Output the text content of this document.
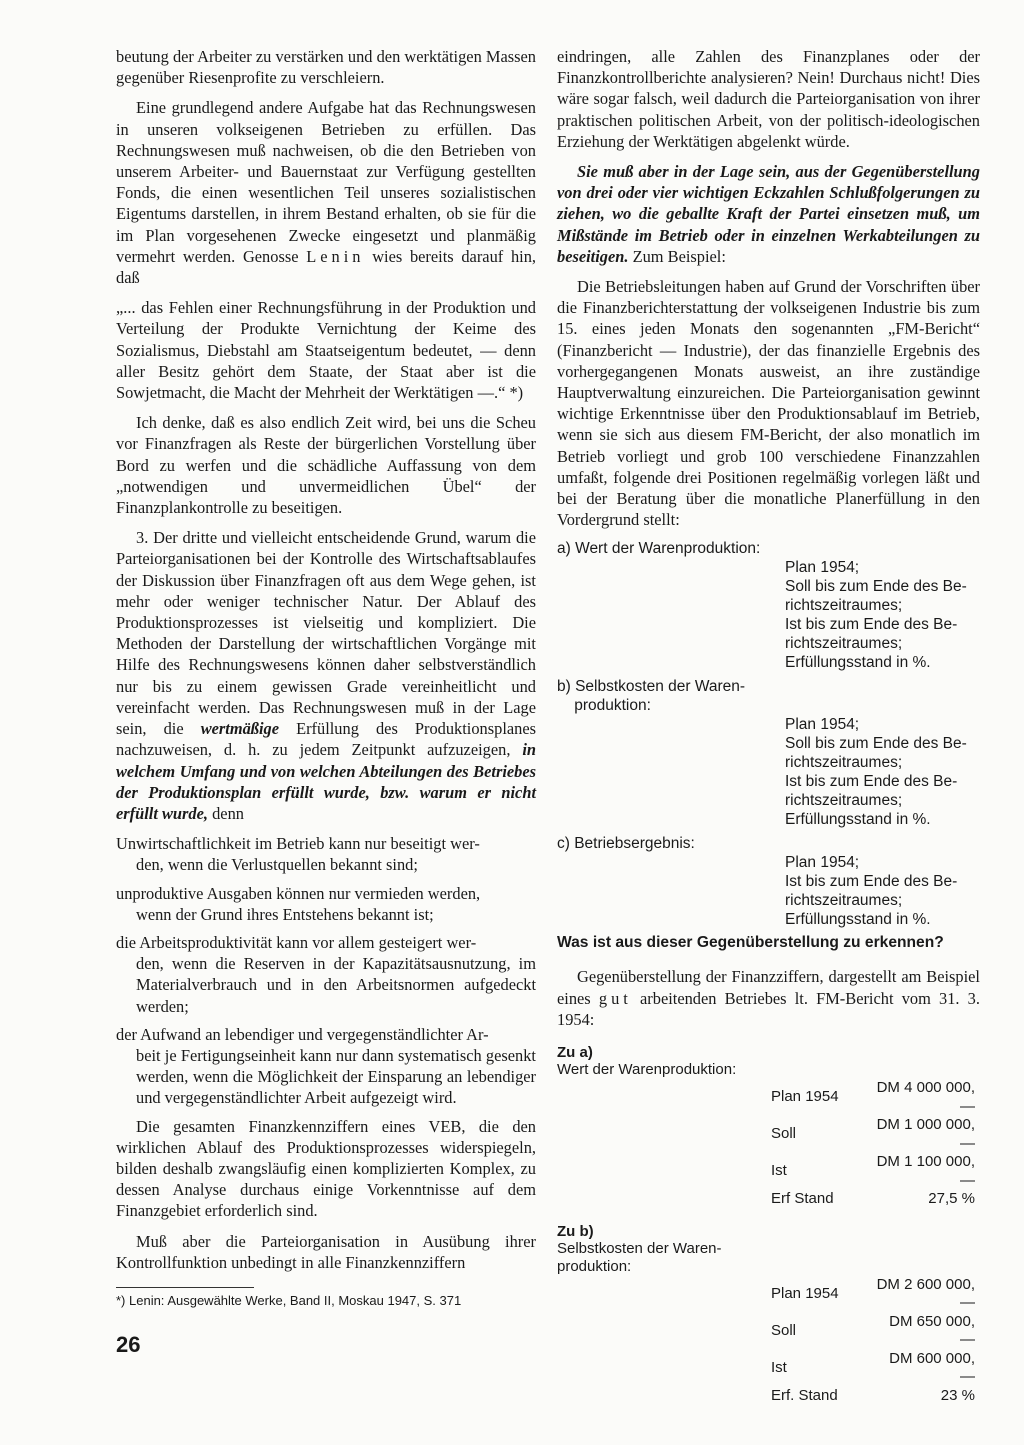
beutung der Arbeiter zu verstärken und den werktätigen Massen gegenüber Riesenprofite zu verschleiern.

Eine grundlegend andere Aufgabe hat das Rechnungswesen in unseren volkseigenen Betrieben zu erfüllen. Das Rechnungswesen muß nachweisen, ob die den Betrieben von unserem Arbeiter- und Bauernstaat zur Verfügung gestellten Fonds, die einen wesentlichen Teil unseres sozialistischen Eigentums darstellen, in ihrem Bestand erhalten, ob sie für die im Plan vorgesehenen Zwecke eingesetzt und planmäßig vermehrt werden. Genosse Lenin wies bereits darauf hin, daß

„... das Fehlen einer Rechnungsführung in der Produktion und Verteilung der Produkte Vernichtung der Keime des Sozialismus, Diebstahl am Staatseigentum bedeutet, — denn aller Besitz gehört dem Staate, der Staat aber ist die Sowjetmacht, die Macht der Mehrheit der Werktätigen —.“ *)

Ich denke, daß es also endlich Zeit wird, bei uns die Scheu vor Finanzfragen als Reste der bürgerlichen Vorstellung über Bord zu werfen und die schädliche Auffassung von dem „notwendigen und unvermeidlichen Übel“ der Finanzplankontrolle zu beseitigen.

3. Der dritte und vielleicht entscheidende Grund, warum die Parteiorganisationen bei der Kontrolle des Wirtschaftsablaufes der Diskussion über Finanzfragen oft aus dem Wege gehen, ist mehr oder weniger technischer Natur. Der Ablauf des Produktionsprozesses ist vielseitig und kompliziert. Die Methoden der Darstellung der wirtschaftlichen Vorgänge mit Hilfe des Rechnungswesens können daher selbstverständlich nur bis zu einem gewissen Grade vereinheitlicht und vereinfacht werden. Das Rechnungswesen muß in der Lage sein, die wertmäßige Erfüllung des Produktionsplanes nachzuweisen, d. h. zu jedem Zeitpunkt aufzuzeigen, in welchem Umfang und von welchen Abteilungen des Betriebes der Produktionsplan erfüllt wurde, bzw. warum er nicht erfüllt wurde, denn

Unwirtschaftlichkeit im Betrieb kann nur beseitigt wer-
den, wenn die Verlustquellen bekannt sind;

unproduktive Ausgaben können nur vermieden werden,
wenn der Grund ihres Entstehens bekannt ist;

die Arbeitsproduktivität kann vor allem gesteigert wer-
den, wenn die Reserven in der Kapazitätsausnutzung, im Materialverbrauch und in den Arbeitsnormen aufgedeckt werden;

der Aufwand an lebendiger und vergegenständlichter Ar-
beit je Fertigungseinheit kann nur dann systematisch gesenkt werden, wenn die Möglichkeit der Einsparung an lebendiger und vergegenständlichter Arbeit aufgezeigt wird.

Die gesamten Finanzkennziffern eines VEB, die den wirklichen Ablauf des Produktionsprozesses widerspiegeln, bilden deshalb zwangsläufig einen komplizierten Komplex, zu dessen Analyse durchaus einige Vorkenntnisse auf dem Finanzgebiet erforderlich sind.

Muß aber die Parteiorganisation in Ausübung ihrer Kontrollfunktion unbedingt in alle Finanzkennziffern

eindringen, alle Zahlen des Finanzplanes oder der Finanzkontrollberichte analysieren? Nein! Durchaus nicht! Dies wäre sogar falsch, weil dadurch die Parteiorganisation von ihrer praktischen politischen Arbeit, von der politisch-ideologischen Erziehung der Werktätigen abgelenkt würde.

Sie muß aber in der Lage sein, aus der Gegenüberstellung von drei oder vier wichtigen Eckzahlen Schlußfolgerungen zu ziehen, wo die geballte Kraft der Partei einsetzen muß, um Mißstände im Betrieb oder in einzelnen Werkabteilungen zu beseitigen. Zum Beispiel:

Die Betriebsleitungen haben auf Grund der Vorschriften über die Finanzberichterstattung der volkseigenen Industrie bis zum 15. eines jeden Monats den sogenannten „FM-Bericht“ (Finanzbericht — Industrie), der das finanzielle Ergebnis des vorhergegangenen Monats ausweist, an ihre zuständige Hauptverwaltung einzureichen. Die Parteiorganisation gewinnt wichtige Erkenntnisse über den Produktionsablauf im Betrieb, wenn sie sich aus diesem FM-Bericht, der also monatlich im Betrieb vorliegt und grob 100 verschiedene Finanzzahlen umfaßt, folgende drei Positionen regelmäßig vorlegen läßt und bei der Beratung über die monatliche Planerfüllung in den Vordergrund stellt:

a) Wert der Warenproduktion:
Plan 1954;
Soll bis zum Ende des Be-
richtszeitraumes;
Ist bis zum Ende des Be-
richtszeitraumes;
Erfüllungsstand in %.
b) Selbstkosten der Waren-
produktion:
Plan 1954;
Soll bis zum Ende des Be-
richtszeitraumes;
Ist bis zum Ende des Be-
richtszeitraumes;
Erfüllungsstand in %.
c) Betriebsergebnis:
Plan 1954;
Ist bis zum Ende des Be-
richtszeitraumes;
Erfüllungsstand in %.
Was ist aus dieser Gegenüberstellung zu erkennen?

Gegenüberstellung der Finanzziffern, dargestellt am Beispiel eines gut arbeitenden Betriebes lt. FM-Bericht vom 31. 3. 1954:

Zu a)
Wert der Warenproduktion:
Plan 1954	DM 4 000 000,—
Soll	DM 1 000 000,—
Ist	DM 1 100 000,—
Erf Stand	27,5 %
Zu b)
Selbstkosten der Waren-
produktion:
Plan 1954	DM 2 600 000,—
Soll	DM 650 000,—
Ist	DM 600 000,—
Erf. Stand	23 %
*) Lenin: Ausgewählte Werke, Band II, Moskau 1947, S. 371
26
